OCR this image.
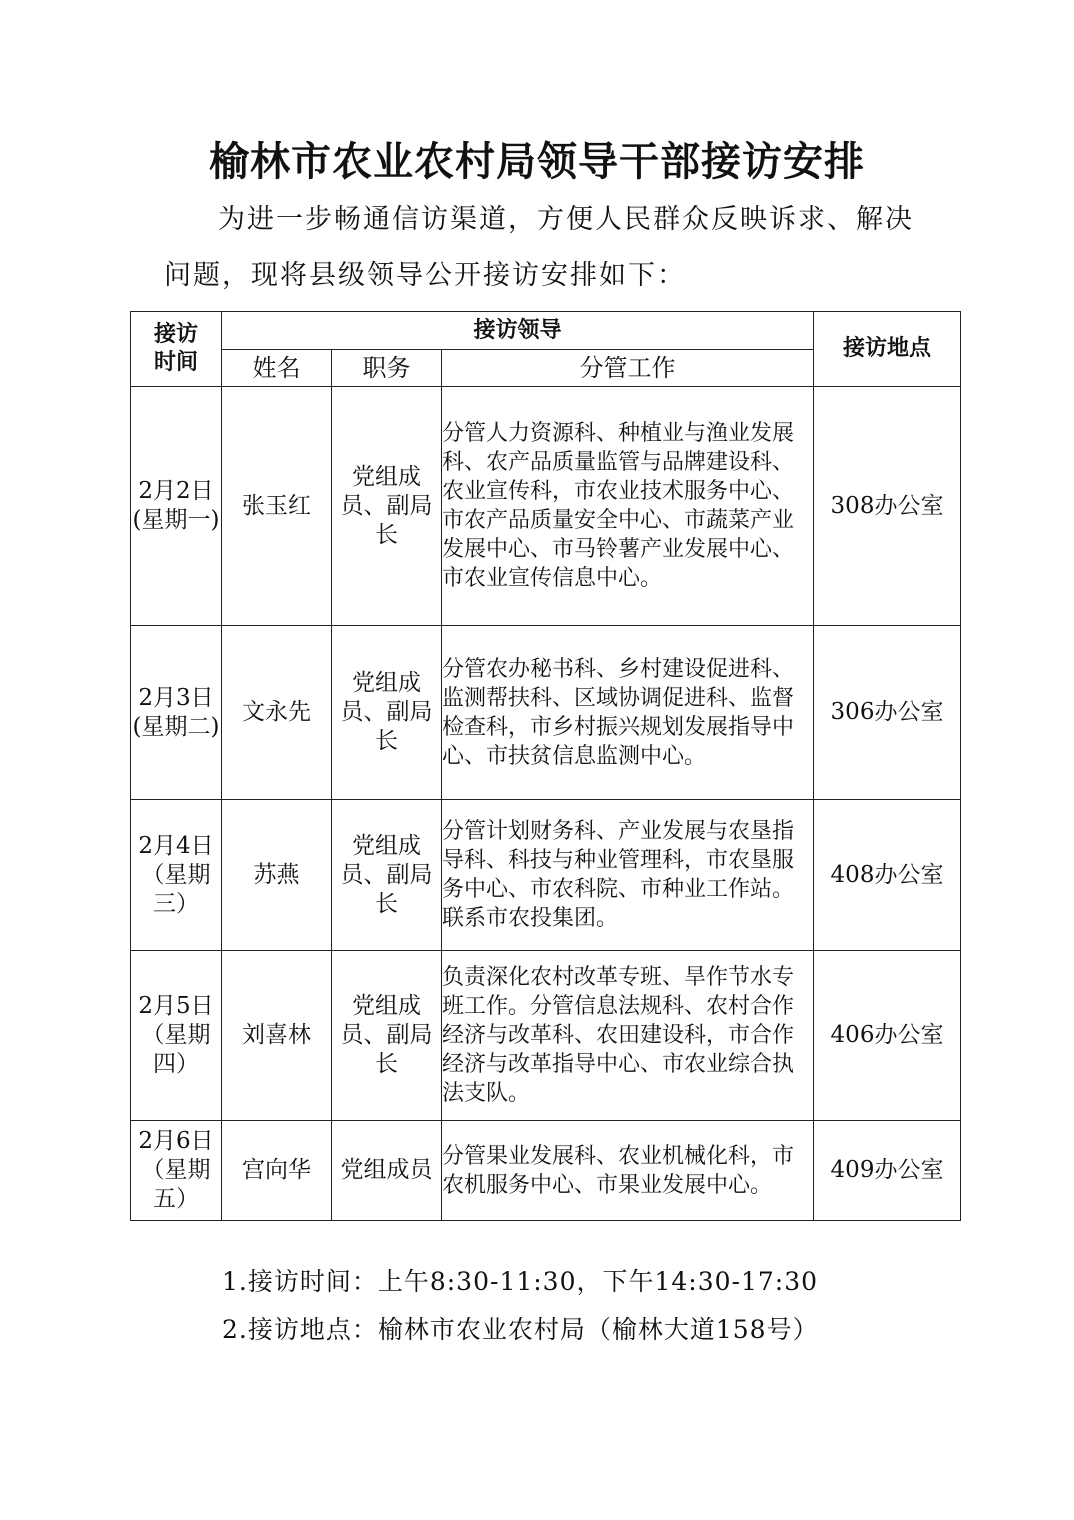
榆林市农业农村局领导干部接访安排

为进一步畅通信访渠道，方便人民群众反映诉求、解决问题，现将县级领导公开接访安排如下：

接访时间	接访领导			接访地点
	姓名	职务	分管工作	
2月2日(星期一)	张玉红	党组成员、副局长	分管人力资源科、种植业与渔业发展科、农产品质量监管与品牌建设科、农业宣传科，市农业技术服务中心、市农产品质量安全中心、市蔬菜产业发展中心、市马铃薯产业发展中心、市农业宣传信息中心。	308办公室
2月3日(星期二)	文永先	党组成员、副局长	分管农办秘书科、乡村建设促进科、监测帮扶科、区域协调促进科、监督检查科，市乡村振兴规划发展指导中心、市扶贫信息监测中心。	306办公室
2月4日（星期三）	苏燕	党组成员、副局长	分管计划财务科、产业发展与农垦指导科、科技与种业管理科，市农垦服务中心、市农科院、市种业工作站。联系市农投集团。	408办公室
2月5日（星期四）	刘喜林	党组成员、副局长	负责深化农村改革专班、旱作节水专班工作。分管信息法规科、农村合作经济与改革科、农田建设科，市合作经济与改革指导中心、市农业综合执法支队。	406办公室
2月6日（星期五）	宫向华	党组成员	分管果业发展科、农业机械化科，市农机服务中心、市果业发展中心。	409办公室

1.接访时间：上午8:30-11:30，下午14:30-17:30

2.接访地点：榆林市农业农村局（榆林大道158号）
